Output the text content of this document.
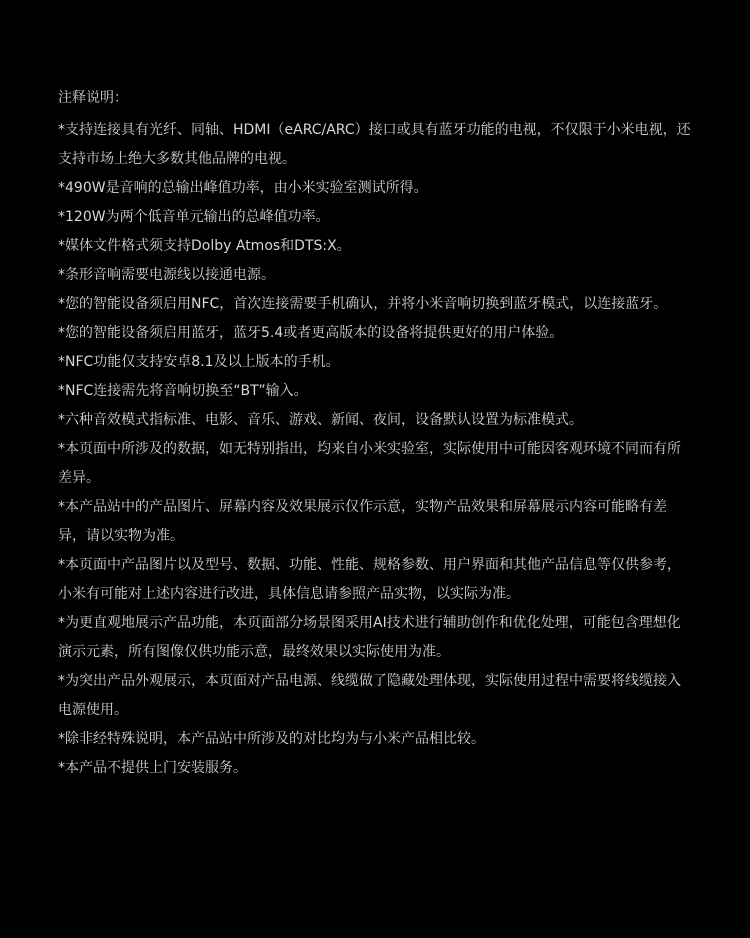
注释说明：
*支持连接具有光纤、同轴、HDMI（eARC/ARC）接口或具有蓝牙功能的电视，不仅限于小米电视，还支持市场上绝大多数其他品牌的电视。
*490W是音响的总输出峰值功率，由小米实验室测试所得。
*120W为两个低音单元输出的总峰值功率。
*媒体文件格式须支持Dolby Atmos和DTS:X。
*条形音响需要电源线以接通电源。
*您的智能设备须启用NFC，首次连接需要手机确认，并将小米音响切换到蓝牙模式，以连接蓝牙。
*您的智能设备须启用蓝牙，蓝牙5.4或者更高版本的设备将提供更好的用户体验。
*NFC功能仅支持安卓8.1及以上版本的手机。
*NFC连接需先将音响切换至“BT”输入。
*六种音效模式指标准、电影、音乐、游戏、新闻、夜间，设备默认设置为标准模式。
*本页面中所涉及的数据，如无特别指出，均来自小米实验室，实际使用中可能因客观环境不同而有所差异。
*本产品站中的产品图片、屏幕内容及效果展示仅作示意，实物产品效果和屏幕展示内容可能略有差异，请以实物为准。
*本页面中产品图片以及型号、数据、功能、性能、规格参数、用户界面和其他产品信息等仅供参考，小米有可能对上述内容进行改进，具体信息请参照产品实物，以实际为准。
*为更直观地展示产品功能，本页面部分场景图采用AI技术进行辅助创作和优化处理，可能包含理想化演示元素，所有图像仅供功能示意，最终效果以实际使用为准。
*为突出产品外观展示，本页面对产品电源、线缆做了隐藏处理体现，实际使用过程中需要将线缆接入电源使用。
*除非经特殊说明，本产品站中所涉及的对比均为与小米产品相比较。
*本产品不提供上门安装服务。
